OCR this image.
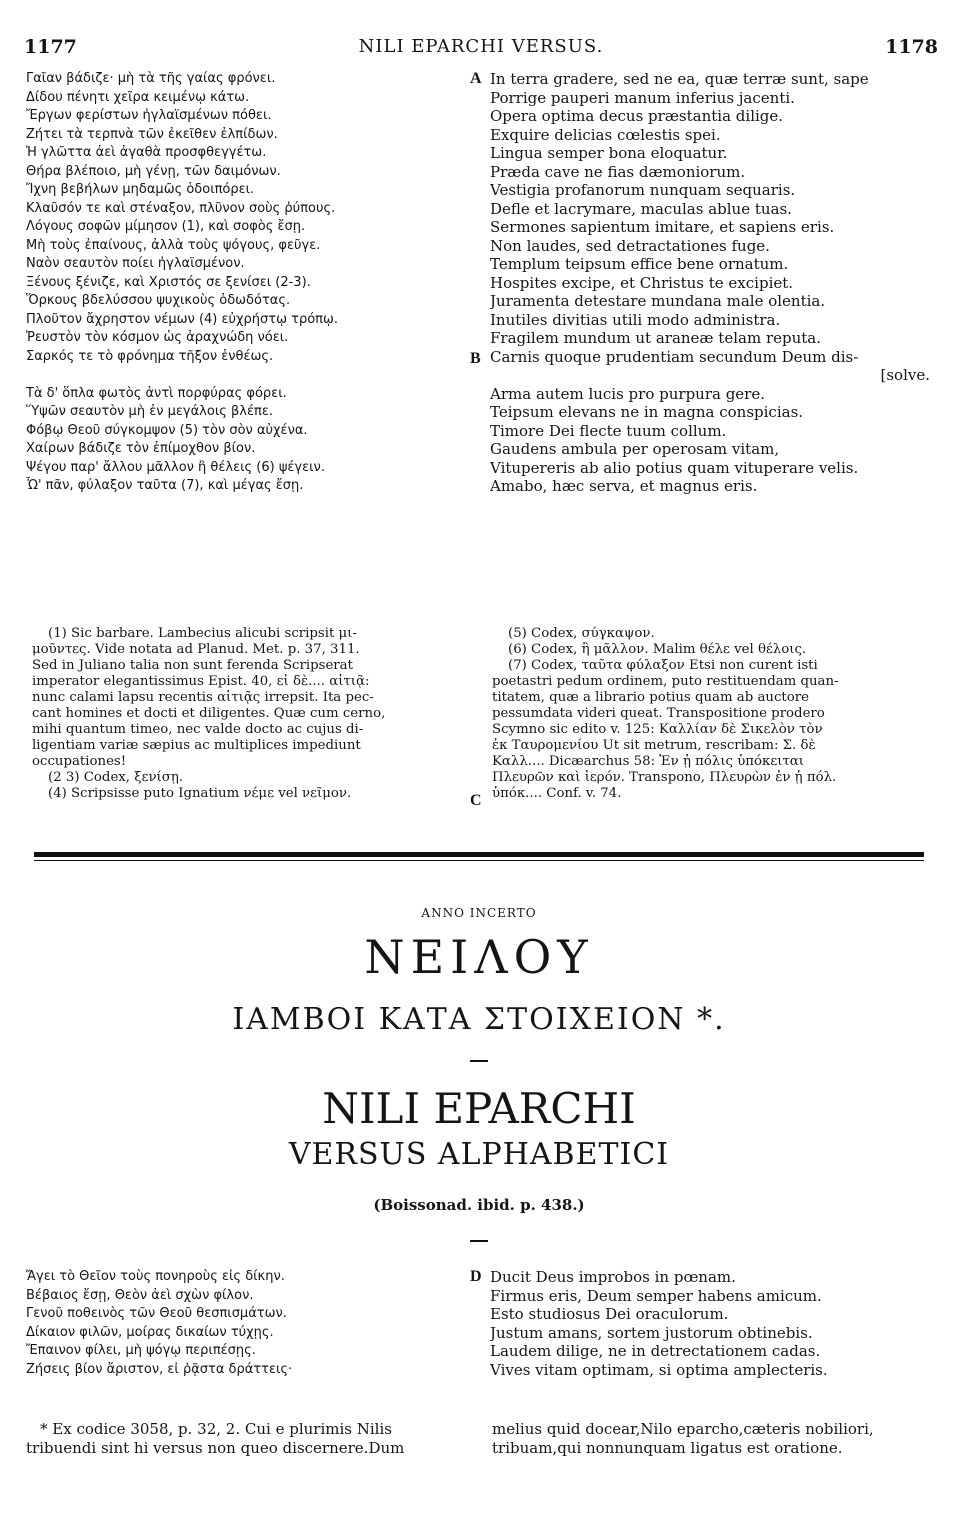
1177	NILI EPARCHI VERSUS.	1178
Γαῖαν βάδιζε· μὴ τὰ τῆς γαίας φρόνει.
Δίδου πένητι χεῖρα κειμένῳ κάτω.
Ἔργων φερίστων ἠγλαϊσμένων πόθει.
Ζήτει τὰ τερπνὰ τῶν ἐκεῖθεν ἐλπίδων.
Ἡ γλῶττα ἀεὶ ἀγαθὰ προσφθεγγέτω.
Θήρα βλέποιο, μὴ γένῃ, τῶν δαιμόνων.
Ἴχνη βεβήλων μηδαμῶς ὁδοιπόρει.
Κλαῦσόν τε καὶ στέναξον, πλῦνον σοὺς ῥύπους.
Λόγους σοφῶν μίμησον (1), καὶ σοφὸς ἔσῃ.
Μὴ τοὺς ἐπαίνους, ἀλλὰ τοὺς ψόγους, φεῦγε.
Ναὸν σεαυτὸν ποίει ἠγλαϊσμένον.
Ξένους ξένιζε, καὶ Χριστός σε ξενίσει (2-3).
Ὅρκους βδελύσσου ψυχικοὺς ὀδωδότας.
Πλοῦτον ἄχρηστον νέμων (4) εὐχρήστῳ τρόπῳ.
Ῥευστὸν τὸν κόσμον ὡς ἀραχνώδη νόει.
Σαρκός τε τὸ φρόνημα τῆξον ἐνθέως.
Τὰ δ' ὅπλα φωτὸς ἀντὶ πορφύρας φόρει.
Ὕψῶν σεαυτὸν μὴ ἐν μεγάλοις βλέπε.
Φόβῳ Θεοῦ σύγκομψον (5) τὸν σὸν αὐχένα.
Χαίρων βάδιζε τὸν ἐπίμοχθον βίον.
Ψέγου παρ' ἄλλου μᾶλλον ἢ θέλεις (6) ψέγειν.
Ὦ' πᾶν, φύλαξον ταῦτα (7), καὶ μέγας ἔσῃ.
In terra gradere, sed ne ea, quæ terræ sunt, sape
Porrige pauperi manum inferius jacenti.
Opera optima decus præstantia dilige.
Exquire delicias cœlestis spei.
Lingua semper bona eloquatur.
Præda cave ne fias dæmoniorum.
Vestigia profanorum nunquam sequaris.
Defle et lacrymare, maculas ablue tuas.
Sermones sapientum imitare, et sapiens eris.
Non laudes, sed detractationes fuge.
Templum teipsum effice bene ornatum.
Hospites excipe, et Christus te excipiet.
Juramenta detestare mundana male olentia.
Inutiles divitias utili modo administra.
Fragilem mundum ut araneæ telam reputa.
Carnis quoque prudentiam secundum Deum dis-
[solve.
Arma autem lucis pro purpura gere.
Teipsum elevans ne in magna conspicias.
Timore Dei flecte tuum collum.
Gaudens ambula per operosam vitam,
Vitupereris ab alio potius quam vituperare velis.
Amabo, hæc serva, et magnus eris.
A
B
C
(1) Sic barbare. Lambecius alicubi scripsit μι-
μοῦντες. Vide notata ad Planud. Met. p. 37, 311.
Sed in Juliano talia non sunt ferenda Scripserat
imperator elegantissimus Epist. 40, εἰ δὲ.... αἰτιᾷ:
nunc calami lapsu recentis αἰτιᾷς irrepsit. Ita pec-
cant homines et docti et diligentes. Quæ cum cerno,
mihi quantum timeo, nec valde docto ac cujus di-
ligentiam variæ sæpius ac multiplices impediunt
occupationes!
(2 3) Codex, ξενίσῃ.
(4) Scripsisse puto Ignatium νέμε vel νεῖμον.
(5) Codex, σύγκαψον.
(6) Codex, ἢ μᾶλλον. Malim θέλε vel θέλοις.
(7) Codex, ταῦτα φύλαξον Etsi non curent isti
poetastri pedum ordinem, puto restituendam quan-
titatem, quæ a librario potius quam ab auctore
pessumdata videri queat. Transpositione prodero
Scymno sic edito v. 125: Καλλίαν δὲ Σικελὸν τὸν
ἐκ Ταυρομενίου Ut sit metrum, rescribam: Σ. δὲ
Καλλ.... Dicæarchus 58: Ἐν ᾗ πόλις ὑπόκειται
Πλευρῶν καὶ ἱερόν. Transpono, Πλευρὼν ἐν ᾗ πόλ.
ὑπόκ.... Conf. v. 74.
ANNO INCERTO
ΝΕΙΛΟΥ
ΙΑΜΒΟΙ ΚΑΤΑ ΣΤΟΙΧΕΙΟΝ *.
NILI EPARCHI
VERSUS ALPHABETICI
(Boissonad. ibid. p. 438.)
Ἄγει τὸ Θεῖον τοὺς πονηροὺς εἰς δίκην.
Βέβαιος ἔσῃ, Θεὸν ἀεὶ σχὼν φίλον.
Γενοῦ ποθεινὸς τῶν Θεοῦ θεσπισμάτων.
Δίκαιον φιλῶν, μοίρας δικαίων τύχῃς.
Ἔπαινον φίλει, μὴ ψόγῳ περιπέσῃς.
Ζήσεις βίον ἄριστον, εἰ ῥᾷστα δράττεις·
Ducit Deus improbos in pœnam.
Firmus eris, Deum semper habens amicum.
Esto studiosus Dei oraculorum.
Justum amans, sortem justorum obtinebis.
Laudem dilige, ne in detrectationem cadas.
Vives vitam optimam, si optima amplecteris.
D
* Ex codice 3058, p. 32, 2. Cui e plurimis Nilis
tribuendi sint hi versus non queo discernere.Dum
melius quid docear,Nilo eparcho,cæteris nobiliori,
tribuam,qui nonnunquam ligatus est oratione.
